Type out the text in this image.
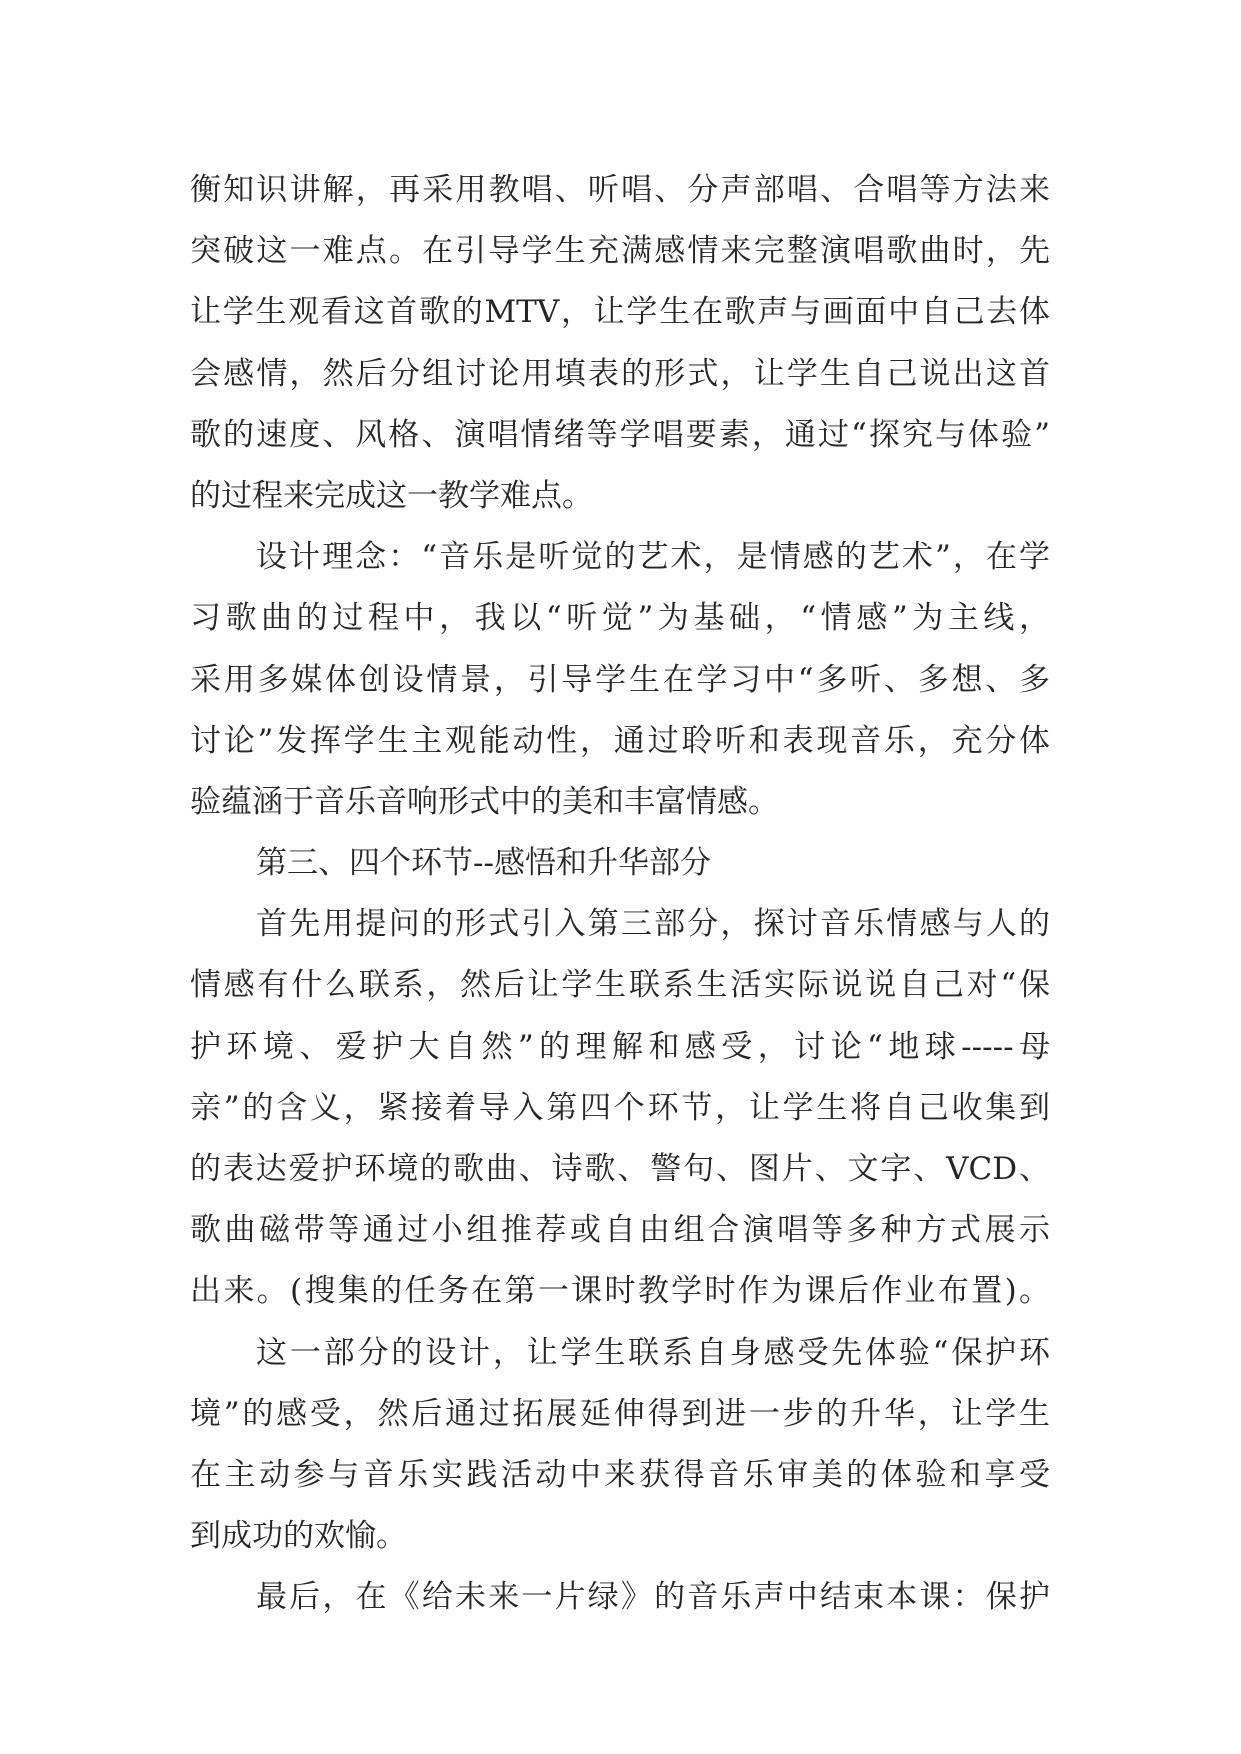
衡知识讲解，再采用教唱、听唱、分声部唱、合唱等方法来
突破这一难点。在引导学生充满感情来完整演唱歌曲时，先
让学生观看这首歌的MTV，让学生在歌声与画面中自己去体
会感情，然后分组讨论用填表的形式，让学生自己说出这首
歌的速度、风格、演唱情绪等学唱要素，通过“探究与体验”
的过程来完成这一教学难点。
设计理念：“音乐是听觉的艺术，是情感的艺术”，在学
习歌曲的过程中，我以“听觉”为基础，“情感”为主线，
采用多媒体创设情景，引导学生在学习中“多听、多想、多
讨论”发挥学生主观能动性，通过聆听和表现音乐，充分体
验蕴涵于音乐音响形式中的美和丰富情感。
第三、四个环节--感悟和升华部分
首先用提问的形式引入第三部分，探讨音乐情感与人的
情感有什么联系，然后让学生联系生活实际说说自己对“保
护环境、爱护大自然”的理解和感受，讨论“地球-----母
亲”的含义，紧接着导入第四个环节，让学生将自己收集到
的表达爱护环境的歌曲、诗歌、警句、图片、文字、VCD、
歌曲磁带等通过小组推荐或自由组合演唱等多种方式展示
出来。(搜集的任务在第一课时教学时作为课后作业布置)。
这一部分的设计，让学生联系自身感受先体验“保护环
境”的感受，然后通过拓展延伸得到进一步的升华，让学生
在主动参与音乐实践活动中来获得音乐审美的体验和享受
到成功的欢愉。
最后，在《给未来一片绿》的音乐声中结束本课：保护
